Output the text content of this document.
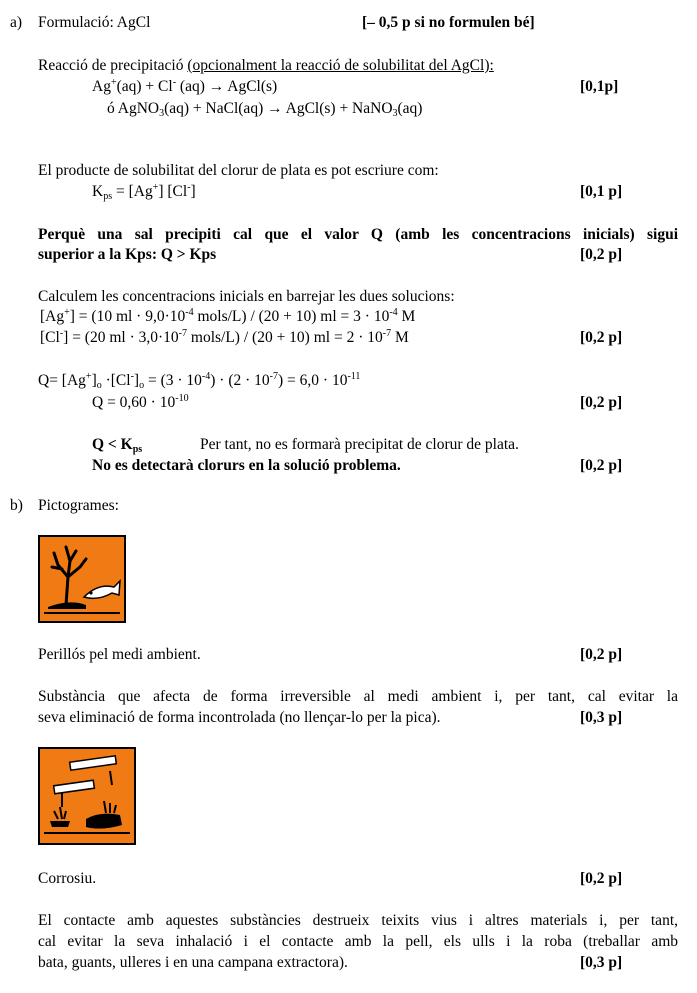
a) Formulació: AgCl	[– 0,5 p si no formulen bé]
Reacció de precipitació (opcionalment la reacció de solubilitat del AgCl):
Ag+(aq) + Cl- (aq) → AgCl(s)	[0,1p]
ó AgNO$_3$(aq) + NaCl(aq) → AgCl(s) + NaNO$_3$(aq)
El producte de solubilitat del clorur de plata es pot escriure com:
$K_{ps} = [Ag^+]$ [Cl-]	[0,1 p]
Perquè una sal precipiti cal que el valor Q (amb les concentracions inicials) sigui
superior a la Kps: Q > Kps	[0,2 p]
Calculem les concentracions inicials en barrejar les dues solucions:
[Ag+] = (10 ml · $9,0\cdot 10^{-4}$ mols/L) / (20 + 10) ml = $3 \cdot 10^{-4}$ M
[Cl-] = (20 ml · $3,0\cdot 10^{-7}$ mols/L) / (20 + 10) ml = $2 \cdot 10^{-7}$ M	[0,2 p]
$Q= [Ag^+]_o \cdot[Cl^-]_o = (3 \cdot 10^{-4}) \cdot (2 \cdot 10^{-7}) = 6,0 \cdot 10^{-11}$
$Q = 0,60 \cdot 10^{-10}$	[0,2 p]
$Q < K_{ps}$	Per tant, no es formarà precipitat de clorur de plata.
No es detectarà clorurs en la solució problema.	[0,2 p]
b) Pictogrames:
Perillós pel medi ambient.	[0,2 p]
Substància que afecta de forma irreversible al medi ambient i, per tant, cal evitar la
seva eliminació de forma incontrolada (no llençar-lo per la pica).	[0,3 p]
Corrosiu.	[0,2 p]
El contacte amb aquestes substàncies destrueix teixits vius i altres materials i, per tant,
cal evitar la seva inhalació i el contacte amb la pell, els ulls i la roba (treballar amb
bata, guants, ulleres i en una campana extractora).	[0,3 p]
